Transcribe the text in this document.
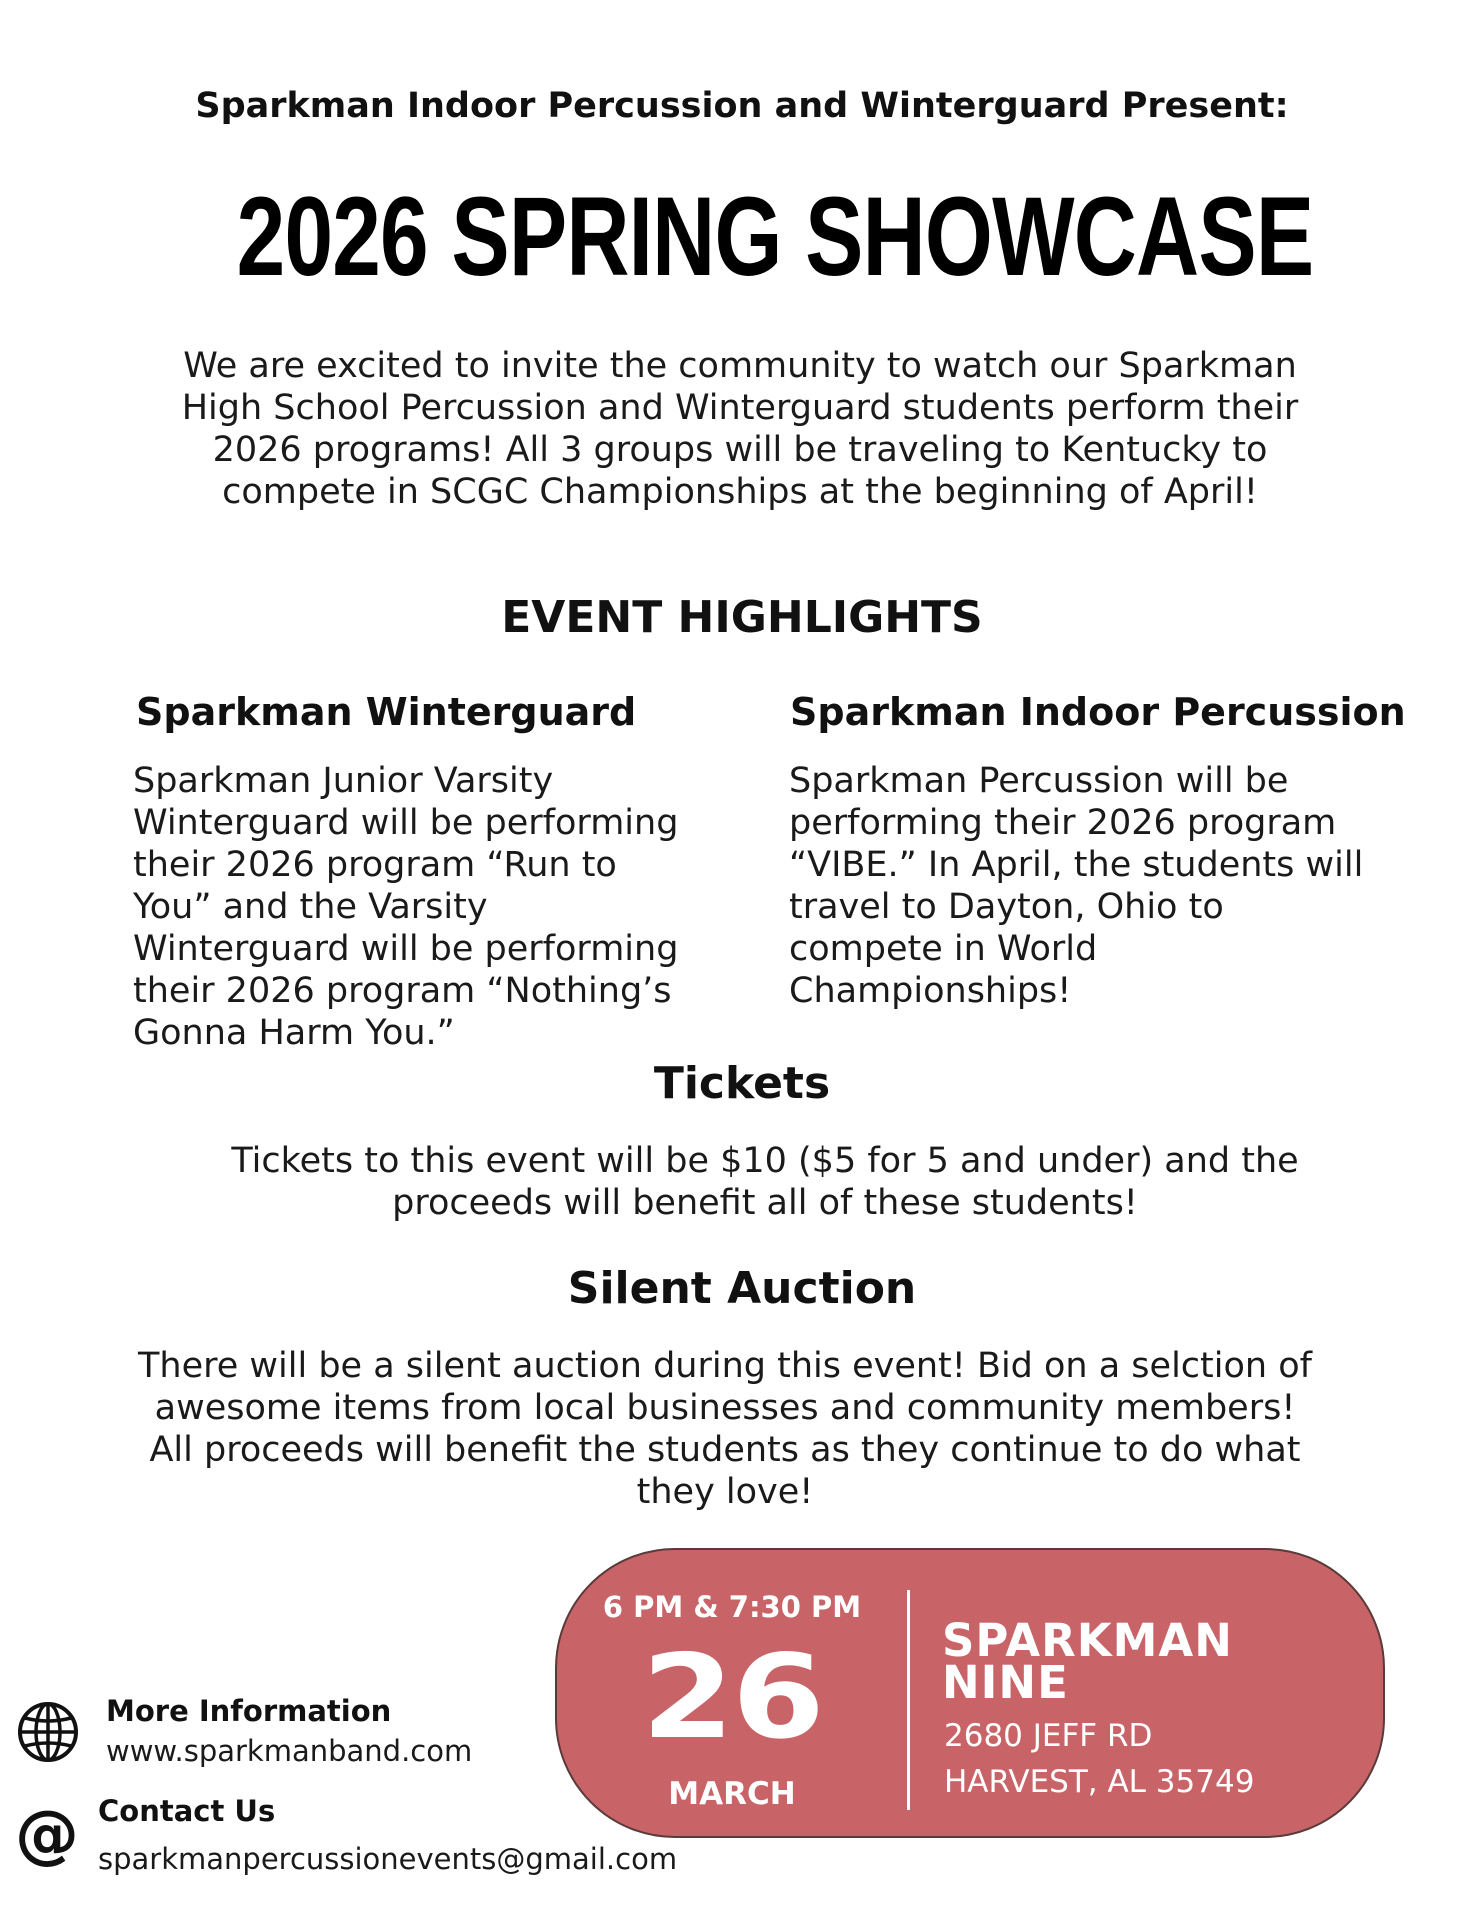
Sparkman Indoor Percussion and Winterguard Present:
2026 SPRING SHOWCASE
We are excited to invite the community to watch our Sparkman
High School Percussion and Winterguard students perform their
2026 programs! All 3 groups will be traveling to Kentucky to
compete in SCGC Championships at the beginning of April!
EVENT HIGHLIGHTS
Sparkman Winterguard
Sparkman Junior Varsity
Winterguard will be performing
their 2026 program “Run to
You” and the Varsity
Winterguard will be performing
their 2026 program “Nothing’s
Gonna Harm You.”
Sparkman Indoor Percussion
Sparkman Percussion will be
performing their 2026 program
“VIBE.” In April, the students will
travel to Dayton, Ohio to
compete in World
Championships!
Tickets
Tickets to this event will be $10 ($5 for 5 and under) and the
proceeds will benefit all of these students!
Silent Auction
There will be a silent auction during this event! Bid on a selction of
awesome items from local businesses and community members!
All proceeds will benefit the students as they continue to do what
they love!
6 PM & 7:30 PM
26
MARCH
SPARKMAN
NINE
2680 JEFF RD
HARVEST, AL 35749
More Information
www.sparkmanband.com
@ Contact Us
sparkmanpercussionevents@gmail.com
